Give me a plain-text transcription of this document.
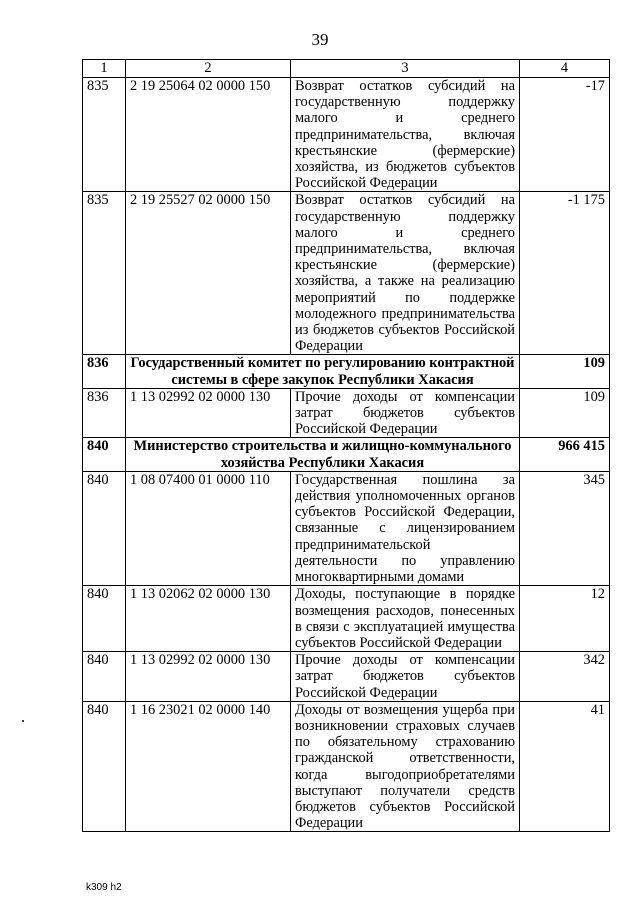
39
1	2	3	4
835	2 19 25064 02 0000 150	Возврат остатков субсидий на государственную поддержку малого и среднего предпринимательства, включая крестьянские (фермерские) хозяйства, из бюджетов субъектов Российской Федерации	-17
835	2 19 25527 02 0000 150	Возврат остатков субсидий на государственную поддержку малого и среднего предпринимательства, включая крестьянские (фермерские) хозяйства, а также на реализацию мероприятий по поддержке молодежного предпринимательства из бюджетов субъектов Российской Федерации	-1 175
836	Государственный комитет по регулированию контрактной системы в сфере закупок Республики Хакасия		109
836	1 13 02992 02 0000 130	Прочие доходы от компенсации затрат бюджетов субъектов Российской Федерации	109
840	Министерство строительства и жилищно-коммунального хозяйства Республики Хакасия		966 415
840	1 08 07400 01 0000 110	Государственная пошлина за действия уполномоченных органов субъектов Российской Федерации, связанные с лицензированием предпринимательской деятельности по управлению многоквартирными домами	345
840	1 13 02062 02 0000 130	Доходы, поступающие в порядке возмещения расходов, понесенных в связи с эксплуатацией имущества субъектов Российской Федерации	12
840	1 13 02992 02 0000 130	Прочие доходы от компенсации затрат бюджетов субъектов Российской Федерации	342
840	1 16 23021 02 0000 140	Доходы от возмещения ущерба при возникновении страховых случаев по обязательному страхованию гражданской ответственности, когда выгодоприобретателями выступают получатели средств бюджетов субъектов Российской Федерации	41
k309 h2
